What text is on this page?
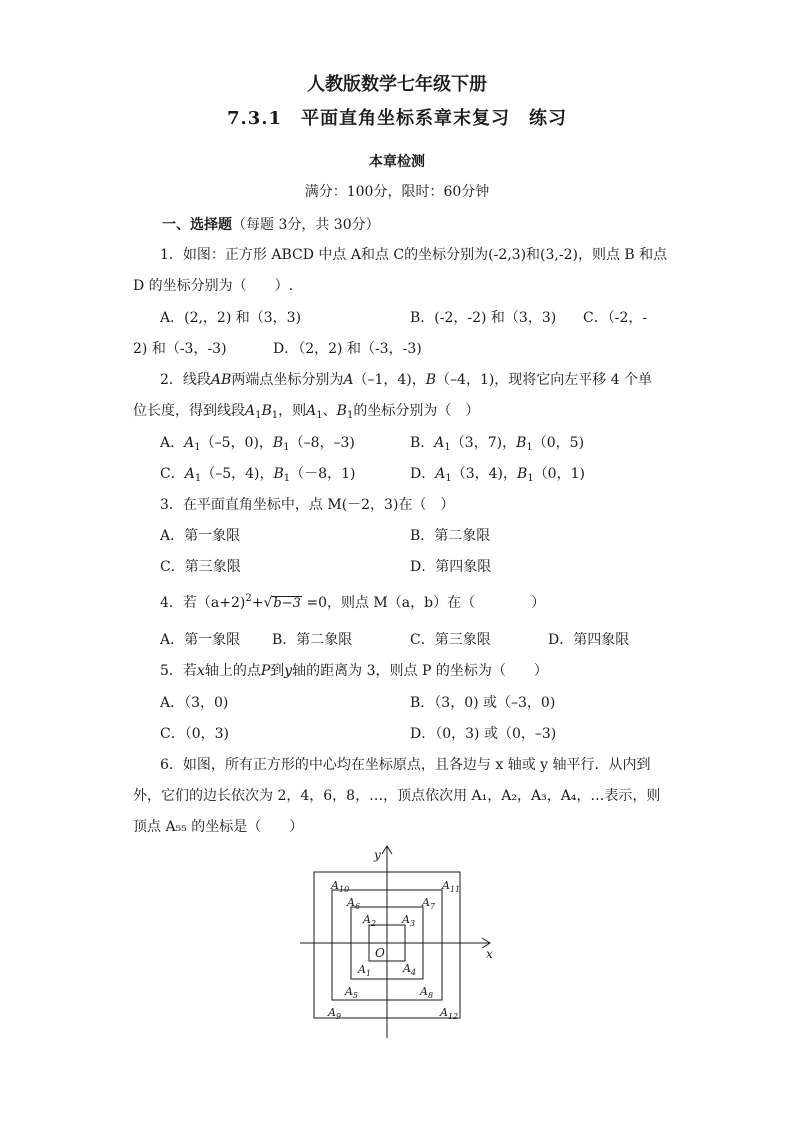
人教版数学七年级下册
7.3.1　平面直角坐标系章末复习　练习
本章检测
满分：100分，限时：60分钟
一、选择题（每题 3分，共 30分）
1．如图：正方形 ABCD 中点 A和点 C的坐标分别为(-2,3)和(3,-2)，则点 B 和点
D 的坐标分别为（　　）.
A．(2,，2) 和（3，3)	B．(-2，-2) 和（3，3) C．（-2，-
2) 和（-3，-3)	D．（2，2) 和（-3，-3)
2．线段AB两端点坐标分别为A（–1，4)，B（–4，1)，现将它向左平移 4 个单
位长度，得到线段$A_1B_1$，则$A_1$、$B_1$的坐标分别为（　）
A．$A_1(-5$，0)，$B_1(-8$，–3)	B．$A_1(3$，7)，$B_1(0$，5)
C．$A_1(-5$，4)，$B_1(-8$，1)	D．$A_1(3$，4)，$B_1(0$，1)
3．在平面直角坐标中，点 M(－2，3)在（　）
A．第一象限	B．第二象限
C．第三象限	D．第四象限
4．若（a+2)$^2$+√b−3 =0，则点 M（a，b）在（　　　　）
A．第一象限 B．第二象限	C．第三象限	D．第四象限
5．若x轴上的点P到y轴的距离为 3，则点 P 的坐标为（　　）
A．（3，0)	B．（3，0) 或（–3，0)
C．（0，3)	D．（0，3) 或（0，–3)
6．如图，所有正方形的中心均在坐标原点，且各边与 x 轴或 y 轴平行．从内到
外，它们的边长依次为 2，4，6，8，…，顶点依次用 A₁，A₂，A₃，A₄，…表示，则
顶点 A₅₅ 的坐标是（　　）
x
y
O
$A_1$
$A_2$ $A_3$
$A_4$
$A_5$
$A_6$	$A_7$
$A_8$
$A_9$
$A_{10}$	$A_{11}$
$A_{12}$
